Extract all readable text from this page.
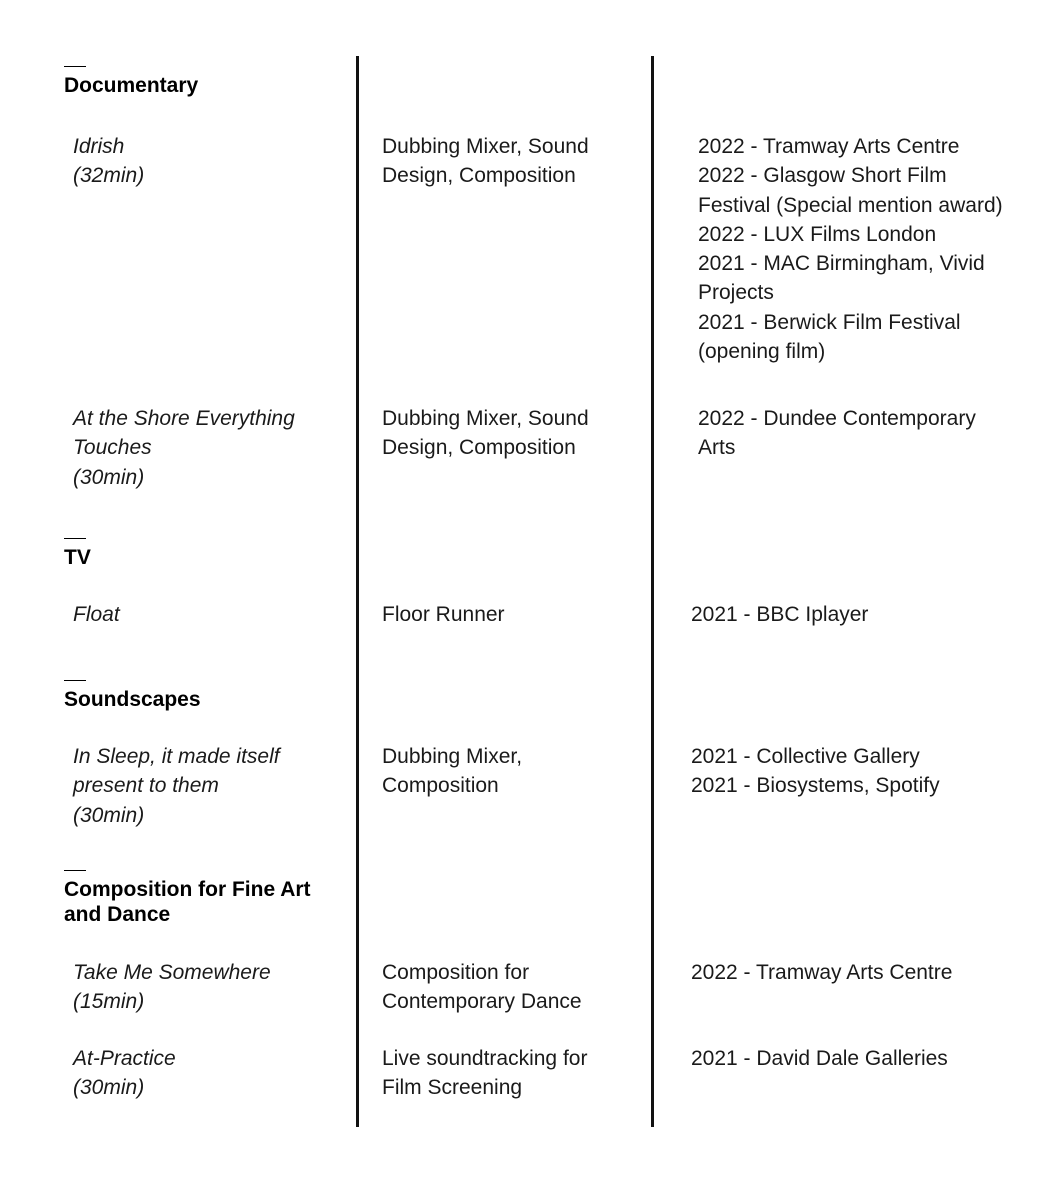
Documentary
Idrish
(32min)
Dubbing Mixer, Sound
Design, Composition
2022 - Tramway Arts Centre
2022 - Glasgow Short Film
Festival (Special mention award)
2022 - LUX Films London
2021 - MAC Birmingham, Vivid
Projects
2021 - Berwick Film Festival
(opening film)
At the Shore Everything
Touches
(30min)
Dubbing Mixer, Sound
Design, Composition
2022 - Dundee Contemporary
Arts
TV
Float	Floor Runner	2021 - BBC Iplayer
Soundscapes
In Sleep, it made itself
present to them
(30min)
Dubbing Mixer,
Composition
2021 - Collective Gallery
2021 - Biosystems, Spotify
Composition for Fine Art
and Dance
Take Me Somewhere
(15min)
Composition for
Contemporary Dance
2022 - Tramway Arts Centre
At-Practice
(30min)
Live soundtracking for
Film Screening
2021 - David Dale Galleries
